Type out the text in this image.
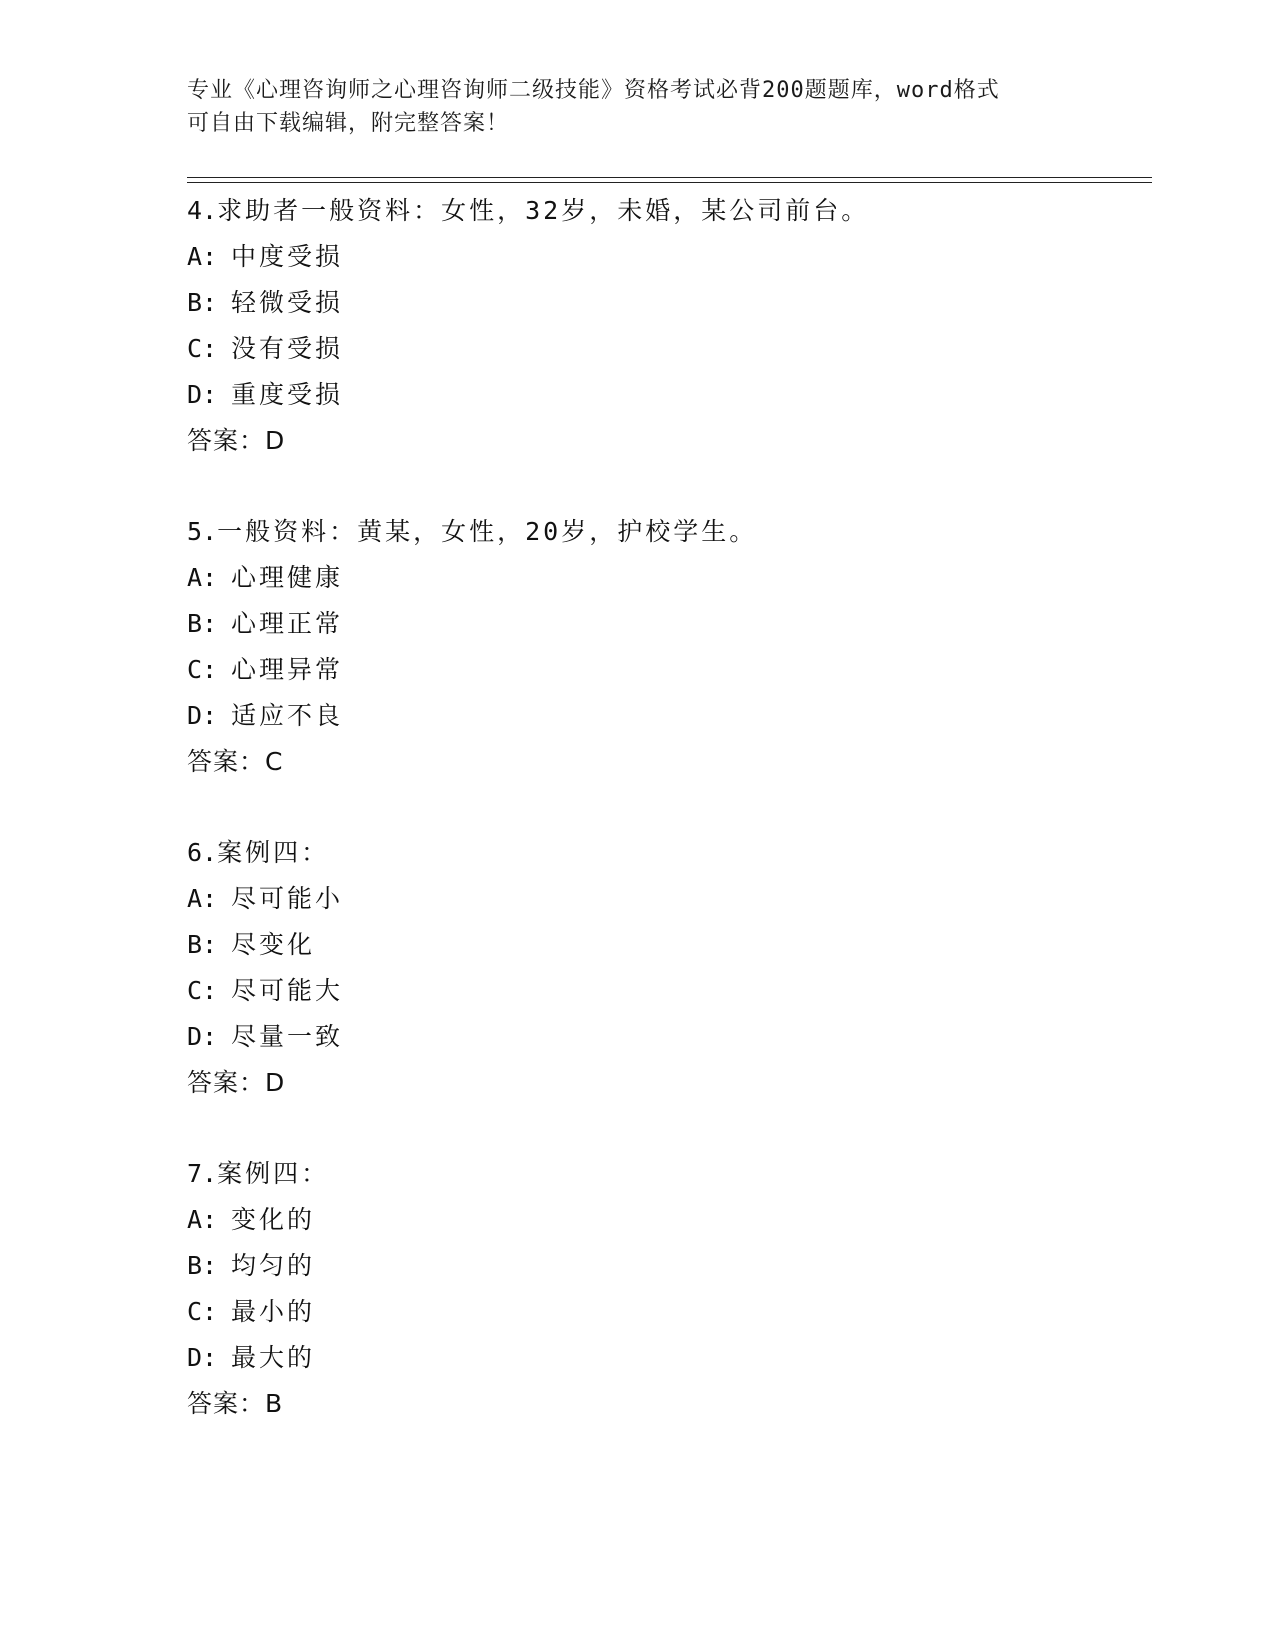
专业《心理咨询师之心理咨询师二级技能》资格考试必背200题题库，word格式
可自由下载编辑，附完整答案！
4.求助者一般资料：女性，32岁，未婚，某公司前台。
A: 中度受损
B: 轻微受损
C: 没有受损
D: 重度受损
答案：D
5.一般资料：黄某，女性，20岁，护校学生。
A: 心理健康
B: 心理正常
C: 心理异常
D: 适应不良
答案：C
6.案例四：
A: 尽可能小
B: 尽变化
C: 尽可能大
D: 尽量一致
答案：D
7.案例四：
A: 变化的
B: 均匀的
C: 最小的
D: 最大的
答案：B
